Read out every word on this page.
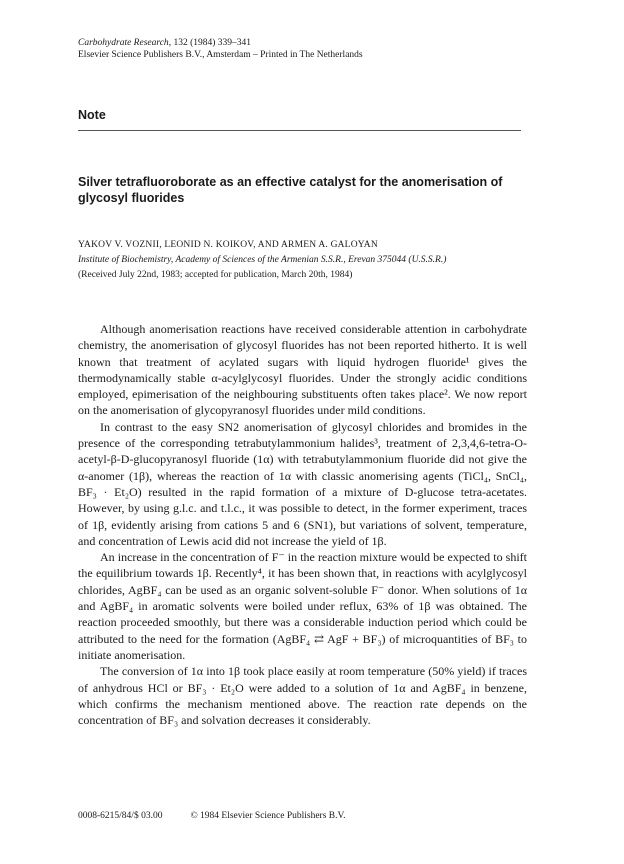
Carbohydrate Research, 132 (1984) 339–341
Elsevier Science Publishers B.V., Amsterdam – Printed in The Netherlands
Note
Silver tetrafluoroborate as an effective catalyst for the anomerisation of glycosyl fluorides
YAKOV V. VOZNII, LEONID N. KOIKOV, AND ARMEN A. GALOYAN
Institute of Biochemistry, Academy of Sciences of the Armenian S.S.R., Erevan 375044 (U.S.S.R.)
(Received July 22nd, 1983; accepted for publication, March 20th, 1984)

Although anomerisation reactions have received considerable attention in carbohydrate chemistry, the anomerisation of glycosyl fluorides has not been reported hitherto. It is well known that treatment of acylated sugars with liquid hydrogen fluoride¹ gives the thermodynamically stable α-acylglycosyl fluorides. Under the strongly acidic conditions employed, epimerisation of the neighbouring substituents often takes place². We now report on the anomerisation of glycopyranosyl fluorides under mild conditions.

In contrast to the easy SN2 anomerisation of glycosyl chlorides and bromides in the presence of the corresponding tetrabutylammonium halides³, treatment of 2,3,4,6-tetra-O-acetyl-β-D-glucopyranosyl fluoride (1α) with tetrabutylammonium fluoride did not give the α-anomer (1β), whereas the reaction of 1α with classic anomerising agents (TiCl₄, SnCl₄, BF₃ · Et₂O) resulted in the rapid formation of a mixture of D-glucose tetra-acetates. However, by using g.l.c. and t.l.c., it was possible to detect, in the former experiment, traces of 1β, evidently arising from cations 5 and 6 (SN1), but variations of solvent, temperature, and concentration of Lewis acid did not increase the yield of 1β.

An increase in the concentration of F⁻ in the reaction mixture would be expected to shift the equilibrium towards 1β. Recently⁴, it has been shown that, in reactions with acylglycosyl chlorides, AgBF₄ can be used as an organic solvent-soluble F⁻ donor. When solutions of 1α and AgBF₄ in aromatic solvents were boiled under reflux, 63% of 1β was obtained. The reaction proceeded smoothly, but there was a considerable induction period which could be attributed to the need for the formation (AgBF₄ ⇄ AgF + BF₃) of microquantities of BF₃ to initiate anomerisation.

The conversion of 1α into 1β took place easily at room temperature (50% yield) if traces of anhydrous HCl or BF₃ · Et₂O were added to a solution of 1α and AgBF₄ in benzene, which confirms the mechanism mentioned above. The reaction rate depends on the concentration of BF₃ and solvation decreases it considerably.

0008-6215/84/$ 03.00	© 1984 Elsevier Science Publishers B.V.
